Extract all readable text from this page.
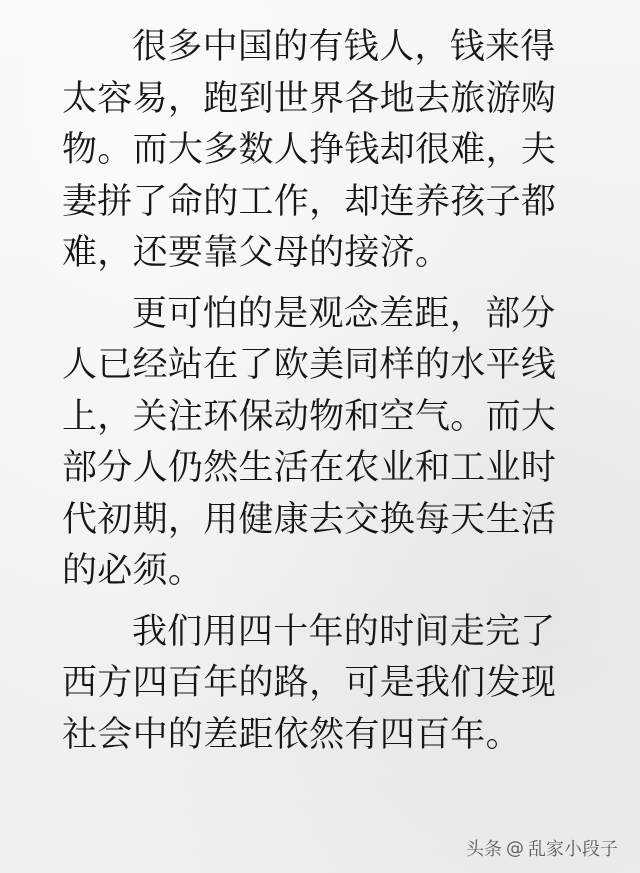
很多中国的有钱人，钱来得
太容易，跑到世界各地去旅游购
物。而大多数人挣钱却很难，夫
妻拼了命的工作，却连养孩子都
难，还要靠父母的接济。

更可怕的是观念差距，部分
人已经站在了欧美同样的水平线
上，关注环保动物和空气。而大
部分人仍然生活在农业和工业时
代初期，用健康去交换每天生活
的必须。

我们用四十年的时间走完了
西方四百年的路，可是我们发现
社会中的差距依然有四百年。

头条 @ 乱家小段子
